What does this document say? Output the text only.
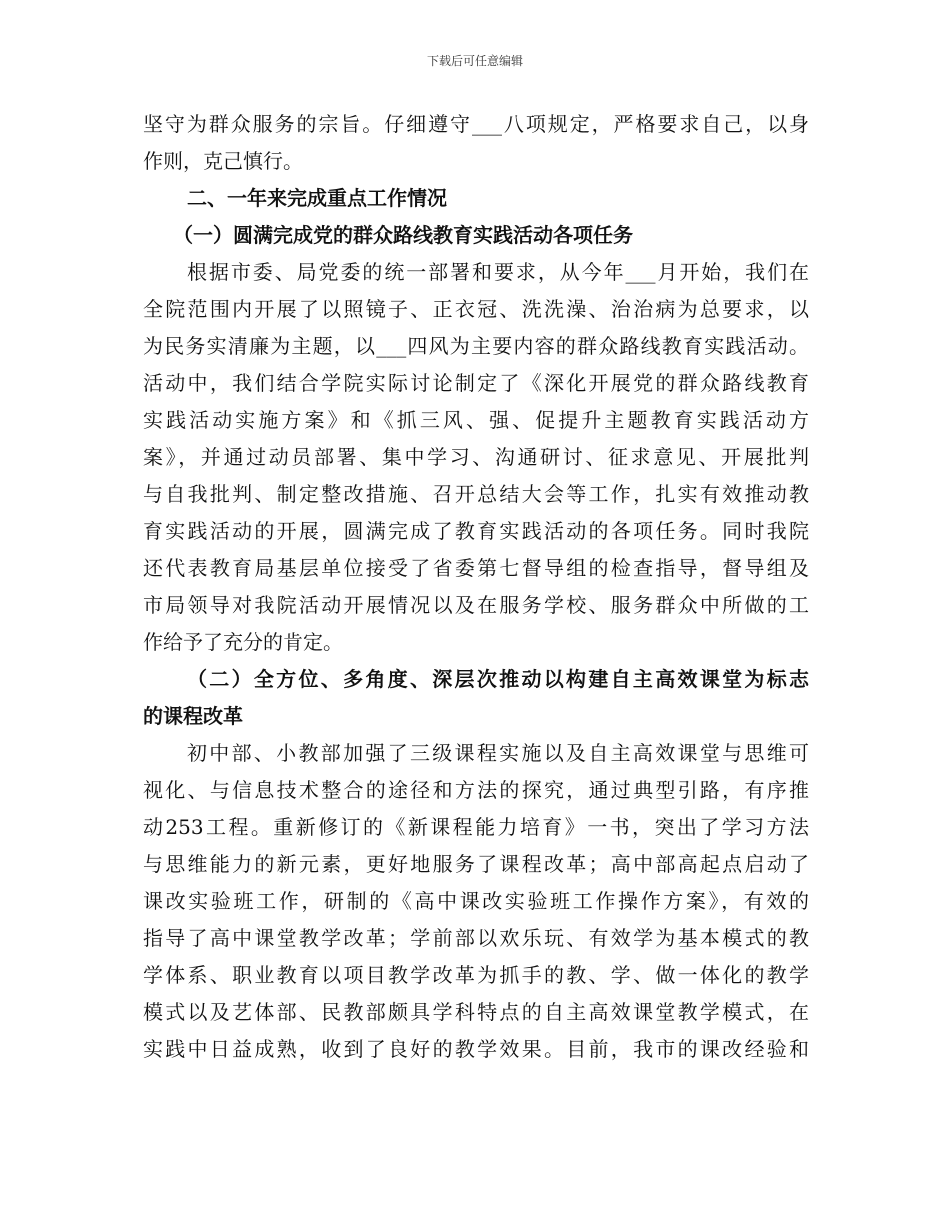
下载后可任意编辑
坚守为群众服务的宗旨。仔细遵守___八项规定，严格要求自己，以身
作则，克己慎行。
二、一年来完成重点工作情况
（一）圆满完成党的群众路线教育实践活动各项任务
根据市委、局党委的统一部署和要求，从今年___月开始，我们在
全院范围内开展了以照镜子、正衣冠、洗洗澡、治治病为总要求，以
为民务实清廉为主题，以___四风为主要内容的群众路线教育实践活动。
活动中，我们结合学院实际讨论制定了《深化开展党的群众路线教育
实践活动实施方案》和《抓三风、强、促提升主题教育实践活动方
案》，并通过动员部署、集中学习、沟通研讨、征求意见、开展批判
与自我批判、制定整改措施、召开总结大会等工作，扎实有效推动教
育实践活动的开展，圆满完成了教育实践活动的各项任务。同时我院
还代表教育局基层单位接受了省委第七督导组的检查指导，督导组及
市局领导对我院活动开展情况以及在服务学校、服务群众中所做的工
作给予了充分的肯定。
（二）全方位、多角度、深层次推动以构建自主高效课堂为标志
的课程改革
初中部、小教部加强了三级课程实施以及自主高效课堂与思维可
视化、与信息技术整合的途径和方法的探究，通过典型引路，有序推
动253工程。重新修订的《新课程能力培育》一书，突出了学习方法
与思维能力的新元素，更好地服务了课程改革；高中部高起点启动了
课改实验班工作，研制的《高中课改实验班工作操作方案》，有效的
指导了高中课堂教学改革；学前部以欢乐玩、有效学为基本模式的教
学体系、职业教育以项目教学改革为抓手的教、学、做一体化的教学
模式以及艺体部、民教部颇具学科特点的自主高效课堂教学模式，在
实践中日益成熟，收到了良好的教学效果。目前，我市的课改经验和
